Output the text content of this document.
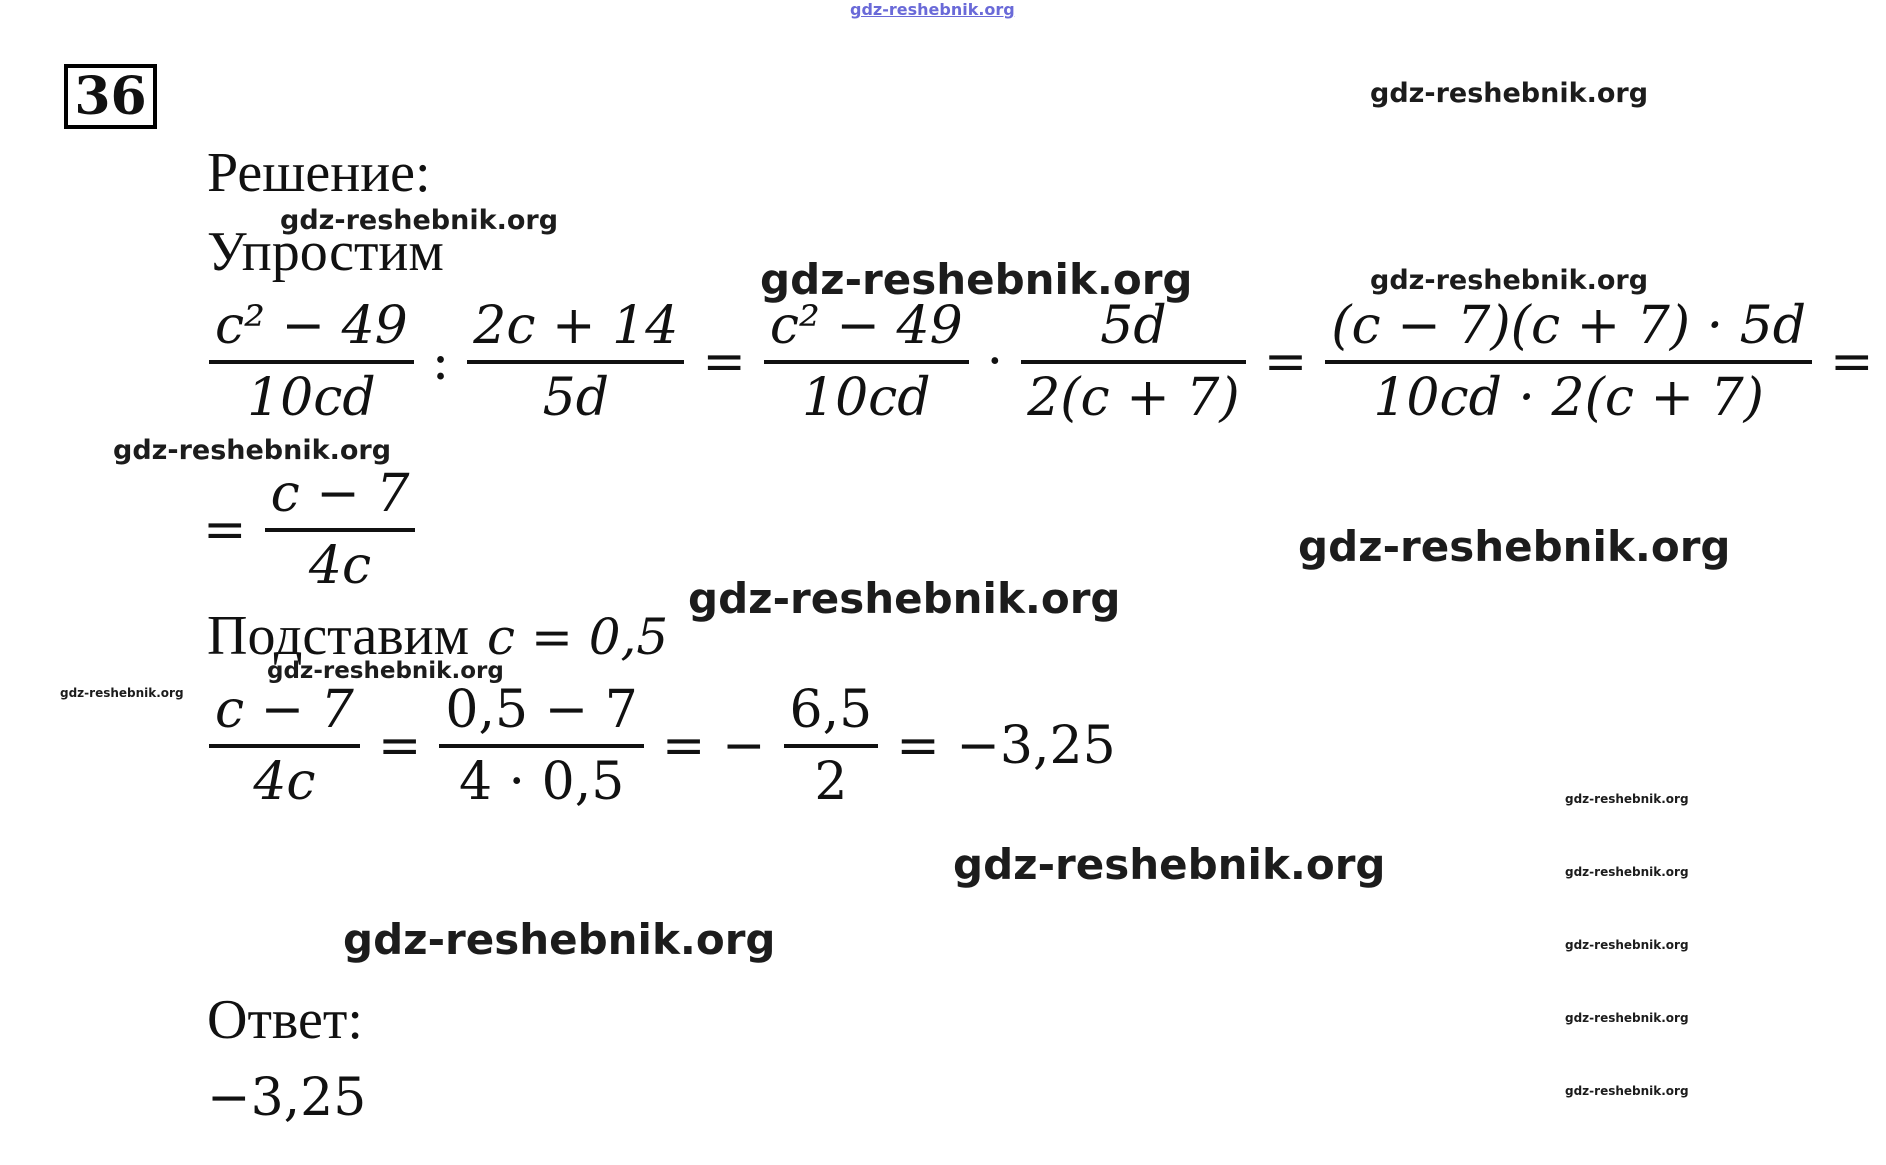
gdz-reshebnik.org
gdz-reshebnik.org
gdz-reshebnik.org
gdz-reshebnik.org	gdz-reshebnik.org
gdz-reshebnik.org
gdz-reshebnik.org
gdz-reshebnik.org
gdz-reshebnik.org
gdz-reshebnik.org
gdz-reshebnik.org
gdz-reshebnik.org	gdz-reshebnik.org
gdz-reshebnik.org	gdz-reshebnik.org
gdz-reshebnik.org
gdz-reshebnik.org
36
Решение:
Упростим
$\frac{\text{c² − 49}}{10cd}$ : $\frac{2c + 14}{5d} = \frac{\text{c² − 49}}{10cd} \cdot \frac{5d}{2(c + 7)} = \frac{(c - 7)(c + 7) \cdot 5d}{10cd \cdot 2(c + 7)}$ =
= $\frac{c - 7}{4c}$
Подставим c = 0,5
$\frac{c - 7}{4c} = \frac{0,5 - 7}{4 \cdot 0,5}$ = − $\frac{6,5}{2} = -3,25$
Ответ:
−3,25
